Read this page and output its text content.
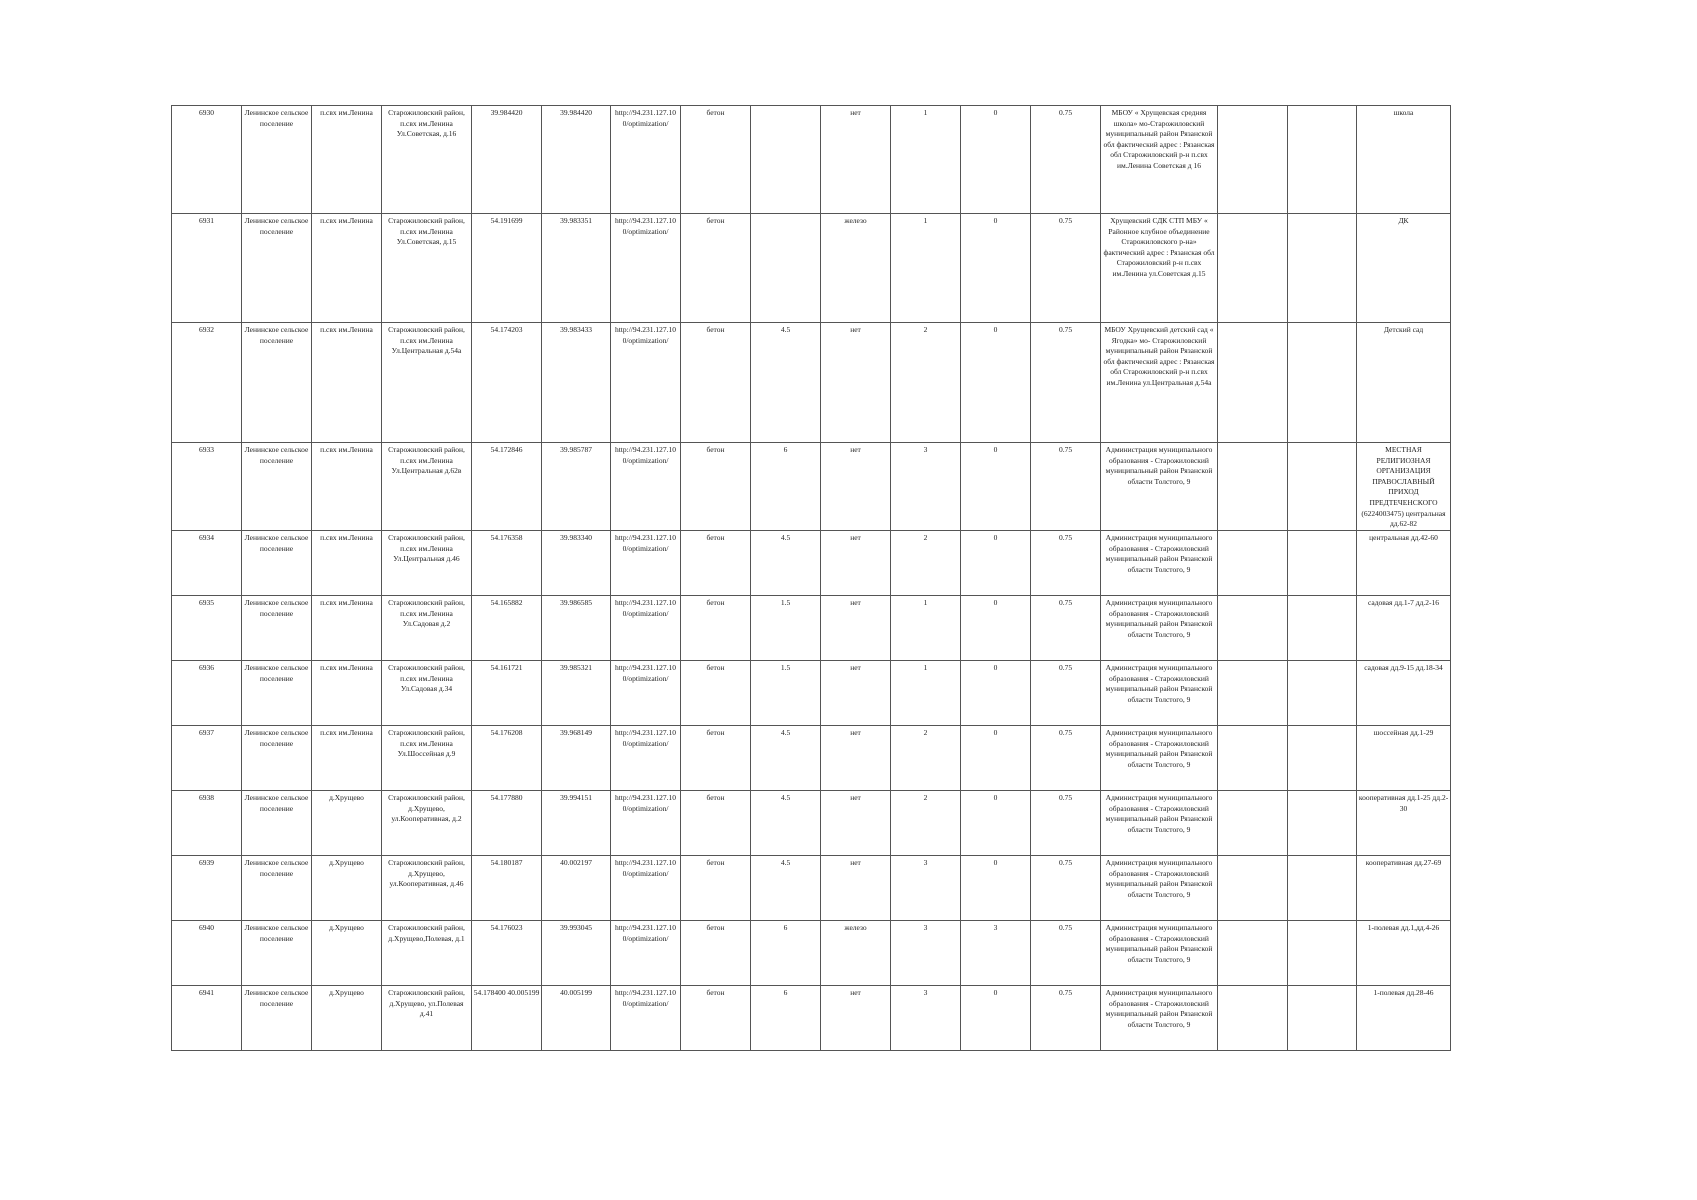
6930	Ленинское сельское поселение	п.свх им.Ленина	Старожиловский район, п.свх им.Ленина Ул.Советская, д.16	39.984420	39.984420	http://94.231.127.10 0/optimization/	бетон		нет	1	0	0.75	МБОУ « Хрущевская средняя школа» мо-Старожиловский муниципальный район Рязанской обл фактический адрес : Рязанская обл Старожиловский р-н п.свх им.Ленина Советская д 16			школа
6931	Ленинское сельское поселение	п.свх им.Ленина	Старожиловский район, п.свх им.Ленина Ул.Советская, д.15	54.191699	39.983351	http://94.231.127.10 0/optimization/	бетон		железо	1	0	0.75	Хрущевский СДК СТП МБУ « Районное клубное объединение Старожиловского р-на» фактический адрес : Рязанская обл Старожиловский р-н п.свх им.Ленина ул.Советская д.15			ДК
6932	Ленинское сельское поселение	п.свх им.Ленина	Старожиловский район, п.свх им.Ленина Ул.Центральная д.54а	54.174203	39.983433	http://94.231.127.10 0/optimization/	бетон	4.5	нет	2	0	0.75	МБОУ Хрущевский детский сад « Ягодка» мо- Старожиловский муниципальный район Рязанской обл фактический адрес : Рязанская обл Старожиловский р-н п.свх им.Ленина ул.Центральная д.54а			Детский сад
6933	Ленинское сельское поселение	п.свх им.Ленина	Старожиловский район, п.свх им.Ленина Ул.Центральная д.62в	54.172846	39.985787	http://94.231.127.10 0/optimization/	бетон	6	нет	3	0	0.75	Администрация муниципального образования - Старожиловский муниципальный район Рязанской области Толстого, 9			МЕСТНАЯ РЕЛИГИОЗНАЯ ОРГАНИЗАЦИЯ ПРАВОСЛАВНЫЙ ПРИХОД ПРЕДТЕЧЕНСКОГО (6224003475) центральная дд.62-82
6934	Ленинское сельское поселение	п.свх им.Ленина	Старожиловский район, п.свх им.Ленина Ул.Центральная д.46	54.176358	39.983340	http://94.231.127.10 0/optimization/	бетон	4.5	нет	2	0	0.75	Администрация муниципального образования - Старожиловский муниципальный район Рязанской области Толстого, 9			центральная дд.42-60
6935	Ленинское сельское поселение	п.свх им.Ленина	Старожиловский район, п.свх им.Ленина Ул.Садовая д.2	54.165882	39.986585	http://94.231.127.10 0/optimization/	бетон	1.5	нет	1	0	0.75	Администрация муниципального образования - Старожиловский муниципальный район Рязанской области Толстого, 9			садовая дд.1-7 дд.2-16
6936	Ленинское сельское поселение	п.свх им.Ленина	Старожиловский район, п.свх им.Ленина Ул.Садовая д.34	54.161721	39.985321	http://94.231.127.10 0/optimization/	бетон	1.5	нет	1	0	0.75	Администрация муниципального образования - Старожиловский муниципальный район Рязанской области Толстого, 9			садовая дд.9-15 дд.18-34
6937	Ленинское сельское поселение	п.свх им.Ленина	Старожиловский район, п.свх им.Ленина Ул.Шоссейная д.9	54.176208	39.968149	http://94.231.127.10 0/optimization/	бетон	4.5	нет	2	0	0.75	Администрация муниципального образования - Старожиловский муниципальный район Рязанской области Толстого, 9			шоссейная дд.1-29
6938	Ленинское сельское поселение	д.Хрущево	Старожиловский район, д.Хрущево, ул.Кооперативная, д.2	54.177880	39.994151	http://94.231.127.10 0/optimization/	бетон	4.5	нет	2	0	0.75	Администрация муниципального образования - Старожиловский муниципальный район Рязанской области Толстого, 9			кооперативная дд.1-25 дд.2-30
6939	Ленинское сельское поселение	д.Хрущево	Старожиловский район, д.Хрущево, ул.Кооперативная, д.46	54.180187	40.002197	http://94.231.127.10 0/optimization/	бетон	4.5	нет	3	0	0.75	Администрация муниципального образования - Старожиловский муниципальный район Рязанской области Толстого, 9			кооперативная дд.27-69
6940	Ленинское сельское поселение	д.Хрущево	Старожиловский район, д.Хрущево,Полевая, д.1	54.176023	39.993045	http://94.231.127.10 0/optimization/	бетон	6	железо	3	3	0.75	Администрация муниципального образования - Старожиловский муниципальный район Рязанской области Толстого, 9			1-полевая дд.1,дд.4-26
6941	Ленинское сельское поселение	д.Хрущево	Старожиловский район, д.Хрущево, ул.Полевая д.41	54.178400 40.005199	40.005199	http://94.231.127.10 0/optimization/	бетон	6	нет	3	0	0.75	Администрация муниципального образования - Старожиловский муниципальный район Рязанской области Толстого, 9			1-полевая дд.28-46
